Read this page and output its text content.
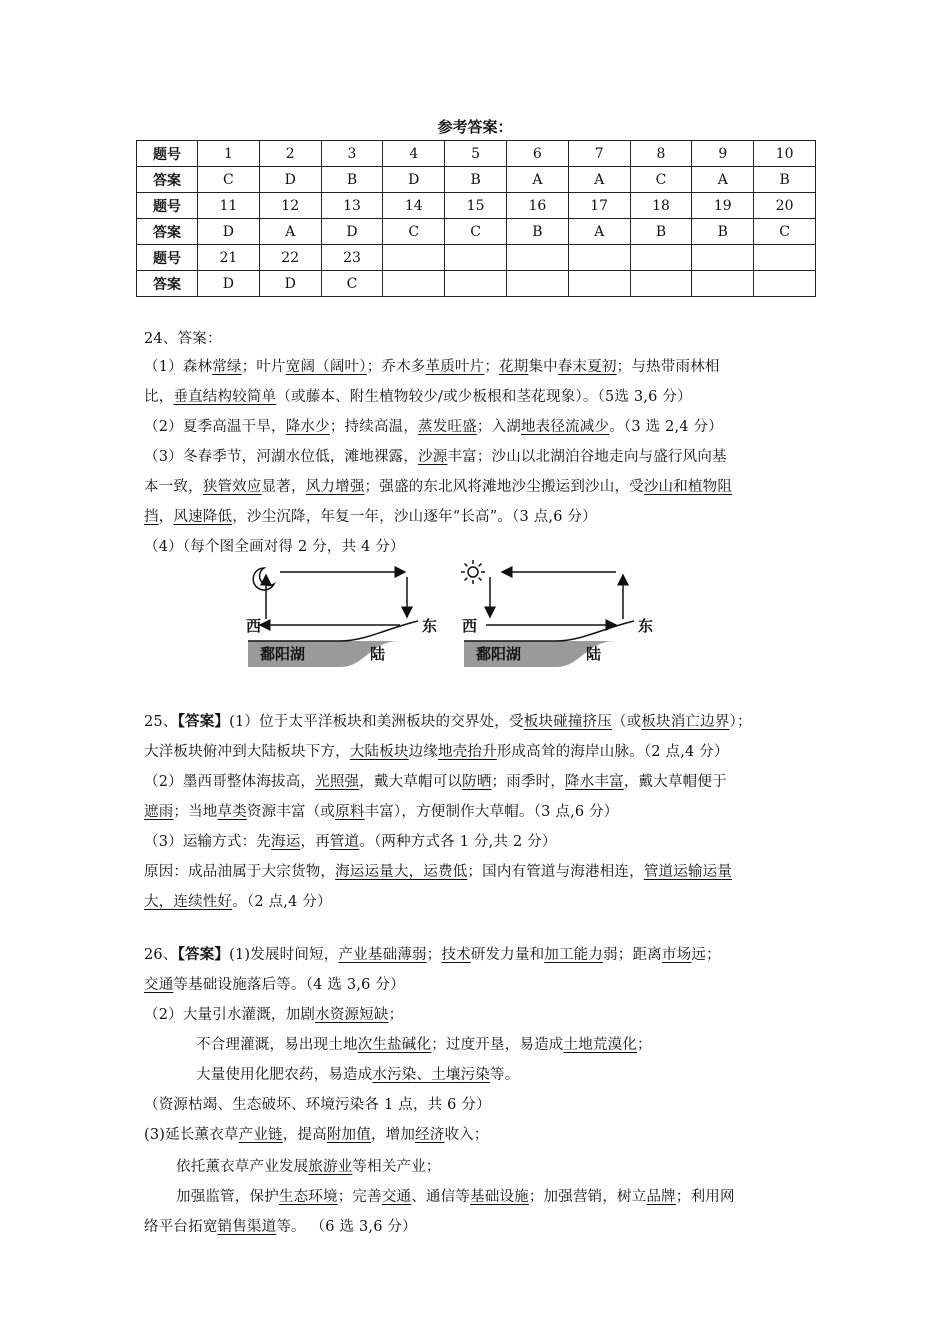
参考答案：
题号	1	2	3	4	5	6	7	8	9	10
答案	C	D	B	D	B	A	A	C	A	B
题号	11	12	13	14	15	16	17	18	19	20
答案	D	A	D	C	C	B	A	B	B	C
题号	21	22	23							
答案	D	D	C							
24、答案：
（1）森林常绿；叶片宽阔（阔叶）；乔木多革质叶片；花期集中春末夏初；与热带雨林相
比，垂直结构较简单（或藤本、附生植物较少/或少板根和茎花现象）。（5选 3,6 分）
（2）夏季高温干旱，降水少；持续高温，蒸发旺盛；入湖地表径流减少。（3 选 2,4 分）
（3）冬春季节，河湖水位低，滩地裸露，沙源丰富；沙山以北湖泊谷地走向与盛行风向基
本一致，狭管效应显著，风力增强；强盛的东北风将滩地沙尘搬运到沙山，受沙山和植物阻
挡，风速降低，沙尘沉降，年复一年，沙山逐年“长高”。（3 点,6 分）
（4）（每个图全画对得 2 分，共 4 分）
25、【答案】(1）位于太平洋板块和美洲板块的交界处，受板块碰撞挤压（或板块消亡边界）；
大洋板块俯冲到大陆板块下方，大陆板块边缘地壳抬升形成高耸的海岸山脉。（2 点,4 分）
（2）墨西哥整体海拔高，光照强，戴大草帽可以防晒；雨季时，降水丰富，戴大草帽便于
遮雨；当地草类资源丰富（或原料丰富），方便制作大草帽。（3 点,6 分）
（3）运输方式：先海运，再管道。（两种方式各 1 分,共 2 分）
原因：成品油属于大宗货物，海运运量大，运费低；国内有管道与海港相连，管道运输运量
大，连续性好。（2 点,4 分）
26、【答案】(1)发展时间短，产业基础薄弱；技术研发力量和加工能力弱；距离市场远；
交通等基础设施落后等。（4 选 3,6 分）
（2）大量引水灌溉，加剧水资源短缺；
不合理灌溉，易出现土地次生盐碱化；过度开垦，易造成土地荒漠化；
大量使用化肥农药，易造成水污染、土壤污染等。
（资源枯竭、生态破坏、环境污染各 1 点，共 6 分）
(3)延长薰衣草产业链，提高附加值，增加经济收入；
依托薰衣草产业发展旅游业等相关产业；
加强监管，保护生态环境；完善交通、通信等基础设施；加强营销，树立品牌；利用网
络平台拓宽销售渠道等。 （6 选 3,6 分）
西	东
鄱阳湖	陆
西	东
鄱阳湖	陆
